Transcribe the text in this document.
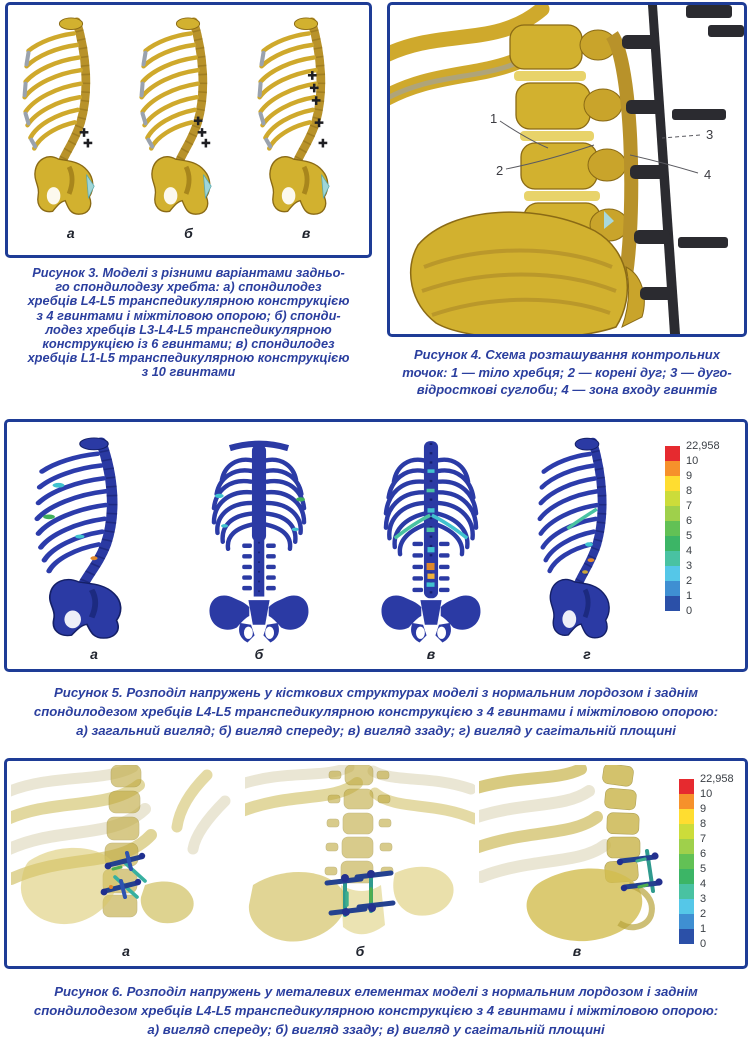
а	б	в
Рисунок 3. Моделі з різними варіантами задньо-
го спондилодезу хребта: а) спондилодез
хребців L4-L5 транспедикулярною конструкцією
з 4 гвинтами і міжтіловою опорою; б) спонди-
лодез хребців L3-L4-L5 транспедикулярною
конструкцією із 6 гвинтами; в) спондилодез
хребців L1-L5 транспедикулярною конструкцією
з 10 гвинтами
1
2
3
4
Рисунок 4. Схема розташування контрольних
точок: 1 — тіло хребця; 2 — корені дуг; 3 — дуго-
відросткові суглоби; 4 — зона входу гвинтів
а	б	в	г
22,958
10
9
8
7
6
5
4
3
2
1
0
Рисунок 5. Розподіл напружень у кісткових структурах моделі з нормальним лордозом і заднім
спондилодезом хребців L4-L5 транспедикулярною конструкцією з 4 гвинтами і міжтіловою опорою:
а) загальний вигляд; б) вигляд спереду; в) вигляд ззаду; г) вигляд у сагітальній площині
а	б	в
22,958
10
9
8
7
6
5
4
3
2
1
0
Рисунок 6. Розподіл напружень у металевих елементах моделі з нормальним лордозом і заднім
спондилодезом хребців L4-L5 транспедикулярною конструкцією з 4 гвинтами і міжтіловою опорою:
а) вигляд спереду; б) вигляд ззаду; в) вигляд у сагітальній площині
